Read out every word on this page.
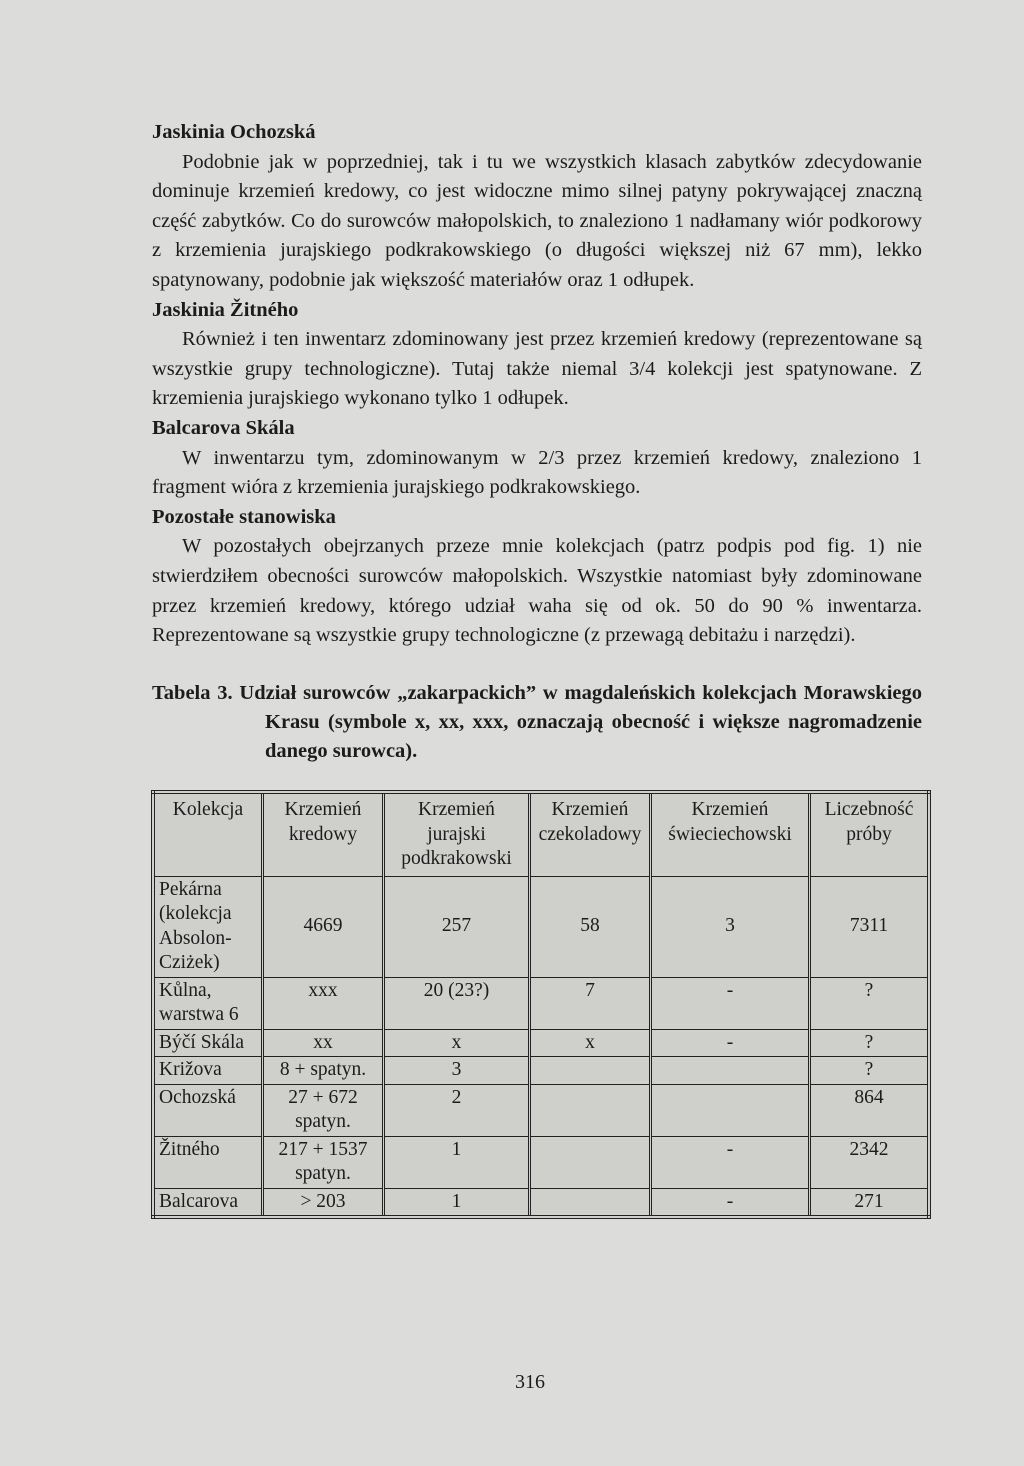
Jaskinia Ochozská

Podobnie jak w poprzedniej, tak i tu we wszystkich klasach zabytków zdecydowanie dominuje krzemień kredowy, co jest widoczne mimo silnej patyny pokrywającej znaczną część zabytków. Co do surowców małopolskich, to znaleziono 1 nadłamany wiór podkorowy z krzemienia jurajskiego podkrakowskiego (o długości większej niż 67 mm), lekko spatynowany, podobnie jak większość materiałów oraz 1 odłupek.

Jaskinia Žitného

Również i ten inwentarz zdominowany jest przez krzemień kredowy (reprezentowane są wszystkie grupy technologiczne). Tutaj także niemal 3/4 kolekcji jest spatynowane. Z krzemienia jurajskiego wykonano tylko 1 odłupek.

Balcarova Skála

W inwentarzu tym, zdominowanym w 2/3 przez krzemień kredowy, znaleziono 1 fragment wióra z krzemienia jurajskiego podkrakowskiego.

Pozostałe stanowiska

W pozostałych obejrzanych przeze mnie kolekcjach (patrz podpis pod fig. 1) nie stwierdziłem obecności surowców małopolskich. Wszystkie natomiast były zdominowane przez krzemień kredowy, którego udział waha się od ok. 50 do 90 % inwentarza. Reprezentowane są wszystkie grupy technologiczne (z przewagą debitażu i narzędzi).

Tabela 3. Udział surowców „zakarpackich” w magdaleńskich kolekcjach Morawskiego Krasu (symbole x, xx, xxx, oznaczają obecność i większe nagromadzenie danego surowca).

Kolekcja	Krzemień kredowy	Krzemień jurajski podkrakowski	Krzemień czekoladowy	Krzemień świeciechowski	Liczebność próby
Pekárna (kolekcja Absolon-Cziżek)	4669	257	58	3	7311
Kůlna, warstwa 6	xxx	20 (23?)	7	-	?
Býčí Skála	xx	x	x	-	?
Križova	8 + spatyn.	3			?
Ochozská	27 + 672 spatyn.	2			864
Žitného	217 + 1537 spatyn.	1		-	2342
Balcarova	> 203	1		-	271
316
